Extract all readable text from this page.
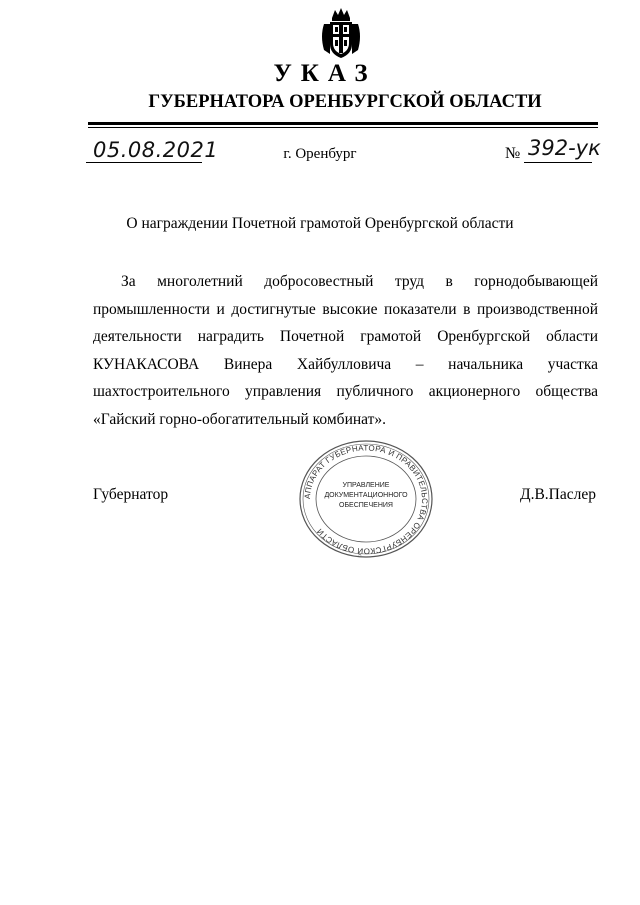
УКАЗ
ГУБЕРНАТОРА ОРЕНБУРГСКОЙ ОБЛАСТИ
05.08.2021	г. Оренбург	№ 392-ук
О награждении Почетной грамотой Оренбургской области
За многолетний добросовестный труд в горнодобывающей промышленности и достигнутые высокие показатели в производственной деятельности наградить Почетной грамотой Оренбургской области КУНАКАСОВА Винера Хайбулловича – начальника участка шахтостроительного управления публичного акционерного общества «Гайский горно-обогатительный комбинат».
Губернатор	Д.В.Паслер
АППАРАТ ГУБЕРНАТОРА И ПРАВИТЕЛЬСТВА ОРЕНБУРГСКОЙ ОБЛАСТИ
УПРАВЛЕНИЕ
ДОКУМЕНТАЦИОННОГО
ОБЕСПЕЧЕНИЯ
